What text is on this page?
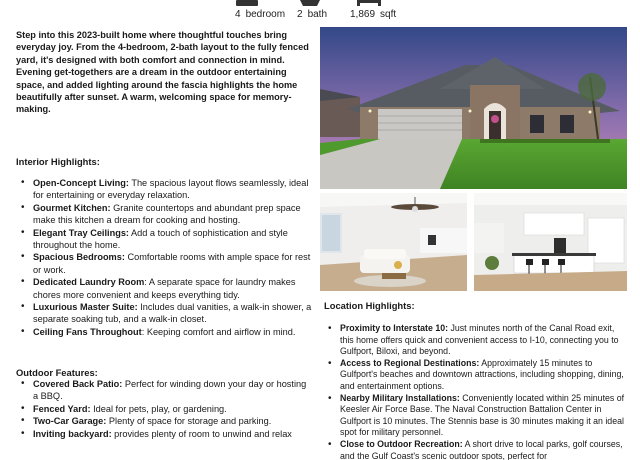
4 bedroom 2 bath 1,869 sqft

Step into this 2023-built home where thoughtful touches bring everyday joy. From the 4-bedroom, 2-bath layout to the fully fenced yard, it's designed with both comfort and connection in mind. Evening get-togethers are a dream in the outdoor entertaining space, and added lighting around the fascia highlights the home beautifully after sunset. A warm, welcoming space for memory-making.

Interior Highlights:
• Open-Concept Living: The spacious layout flows seamlessly, ideal for entertaining or everyday relaxation.
• Gourmet Kitchen: Granite countertops and abundant prep space make this kitchen a dream for cooking and hosting.
• Elegant Tray Ceilings: Add a touch of sophistication and style throughout the home.
• Spacious Bedrooms: Comfortable rooms with ample space for rest or work.
• Dedicated Laundry Room: A separate space for laundry makes chores more convenient and keeps everything tidy.
• Luxurious Master Suite: Includes dual vanities, a walk-in shower, a separate soaking tub, and a walk-in closet.
• Ceiling Fans Throughout: Keeping comfort and airflow in mind.
Outdoor Features:
• Covered Back Patio: Perfect for winding down your day or hosting a BBQ.
• Fenced Yard: Ideal for pets, play, or gardening.
• Two-Car Garage: Plenty of space for storage and parking.
• Inviting backyard: provides plenty of room to unwind and relax
Location Highlights:
• Proximity to Interstate 10: Just minutes north of the Canal Road exit, this home offers quick and convenient access to I-10, connecting you to Gulfport, Biloxi, and beyond.
• Access to Regional Destinations: Approximately 15 minutes to Gulfport's beaches and downtown attractions, including shopping, dining, and entertainment options.
• Nearby Military Installations: Conveniently located within 25 minutes of Keesler Air Force Base. The Naval Construction Battalion Center in Gulfport is 10 minutes. The Stennis base is 30 minutes making it an ideal spot for military personnel.
• Close to Outdoor Recreation: A short drive to local parks, golf courses, and the Gulf Coast's scenic outdoor spots, perfect for
